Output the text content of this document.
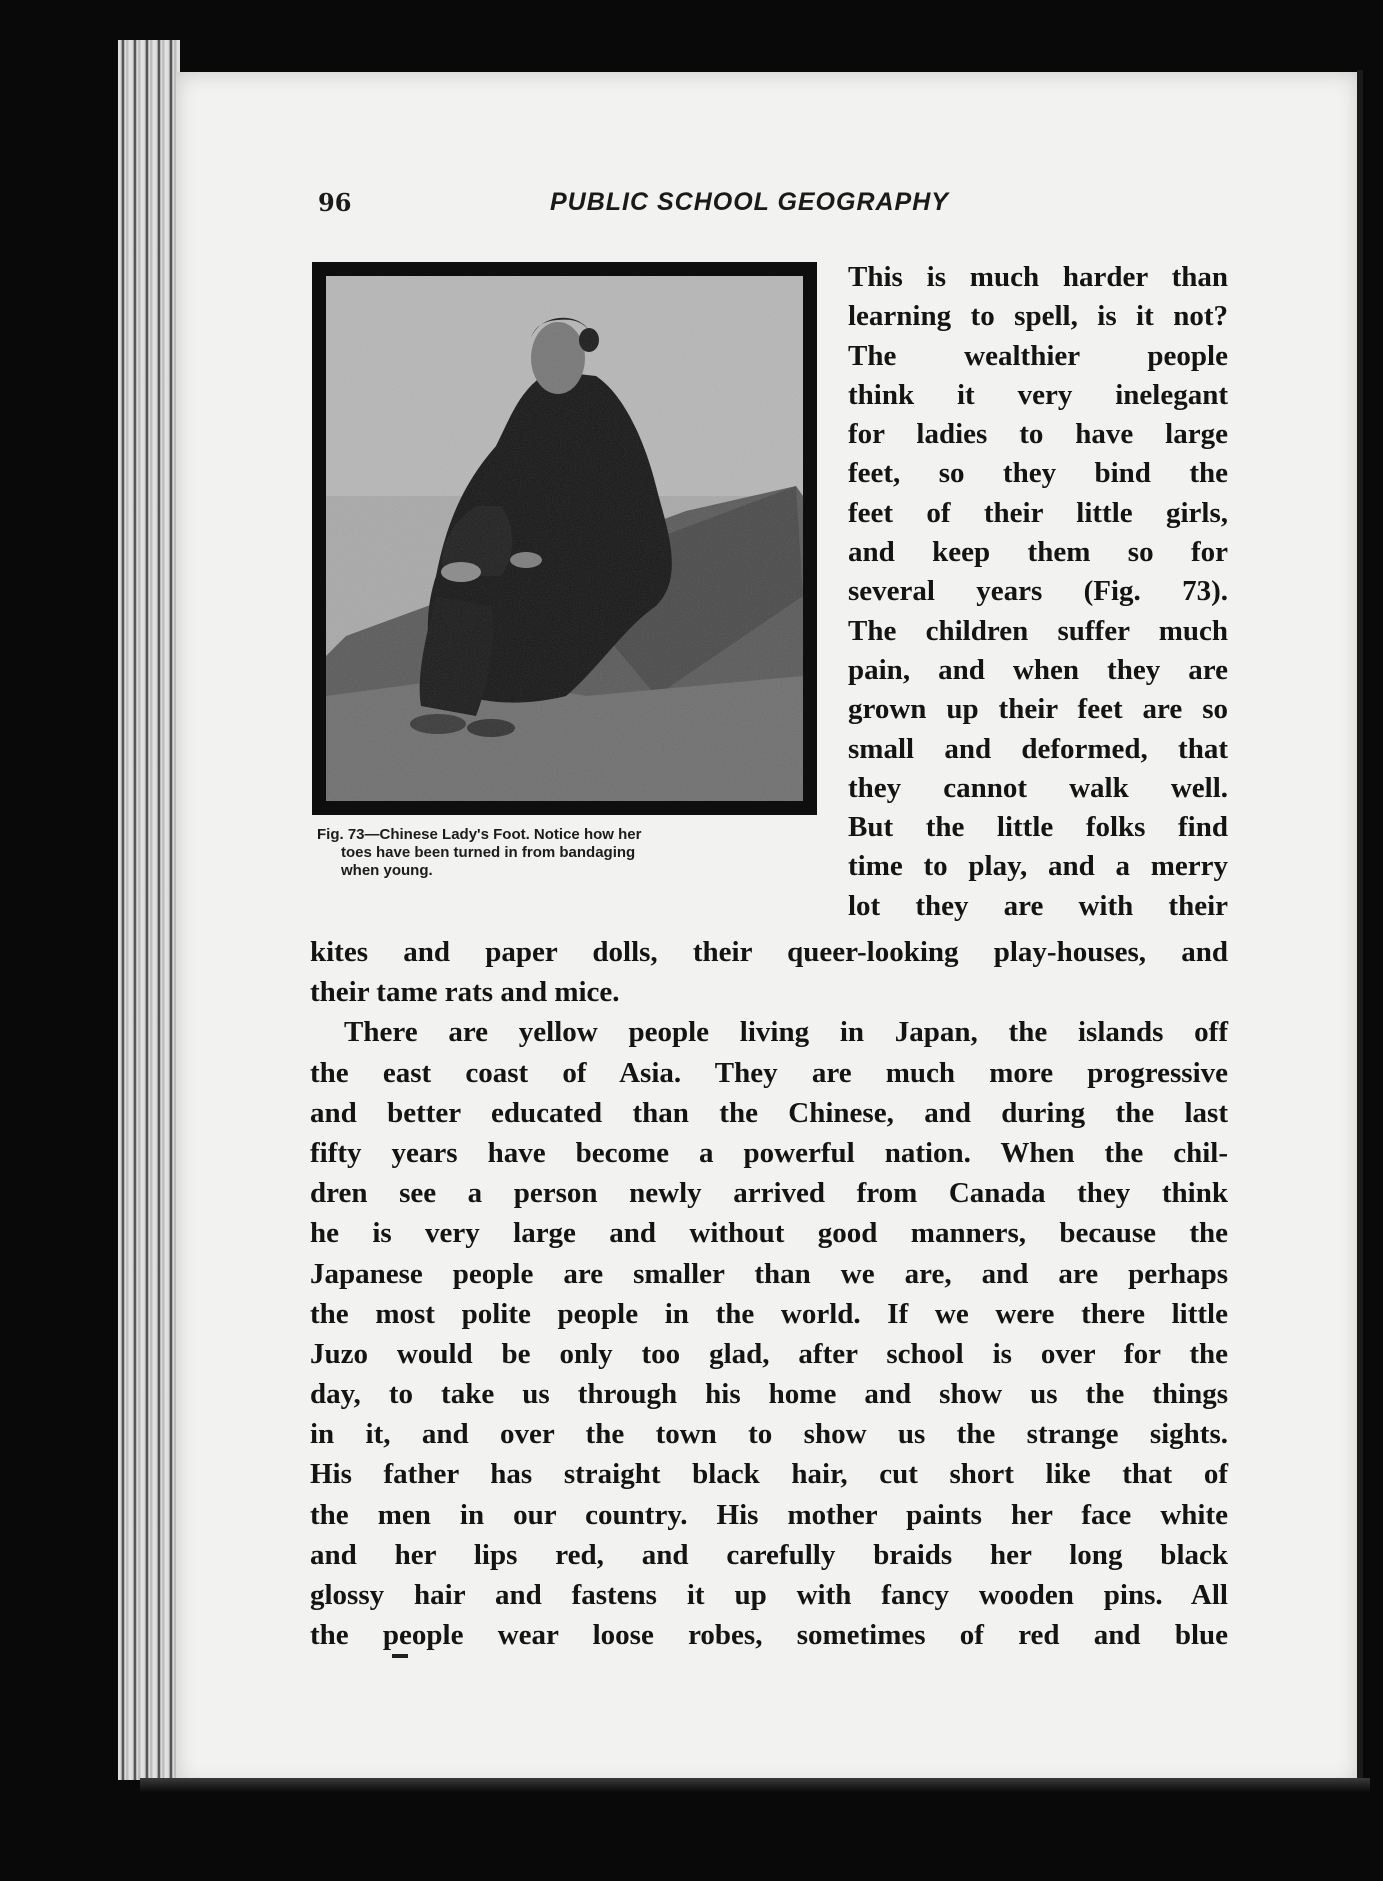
96	PUBLIC SCHOOL GEOGRAPHY
Fig. 73—Chinese Lady's Foot. Notice how her
toes have been turned in from bandaging
when young.
This is much harder than
learning to spell, is it not?
The wealthier people
think it very inelegant
for ladies to have large
feet, so they bind the
feet of their little girls,
and keep them so for
several years (Fig. 73).
The children suffer much
pain, and when they are
grown up their feet are so
small and deformed, that
they cannot walk well.
But the little folks find
time to play, and a merry
lot they are with their
kites and paper dolls, their queer-looking play-houses, and
their tame rats and mice.
There are yellow people living in Japan, the islands off
the east coast of Asia. They are much more progressive
and better educated than the Chinese, and during the last
fifty years have become a powerful nation. When the chil-
dren see a person newly arrived from Canada they think
he is very large and without good manners, because the
Japanese people are smaller than we are, and are perhaps
the most polite people in the world. If we were there little
Juzo would be only too glad, after school is over for the
day, to take us through his home and show us the things
in it, and over the town to show us the strange sights.
His father has straight black hair, cut short like that of
the men in our country. His mother paints her face white
and her lips red, and carefully braids her long black
glossy hair and fastens it up with fancy wooden pins. All
the people wear loose robes, sometimes of red and blue
